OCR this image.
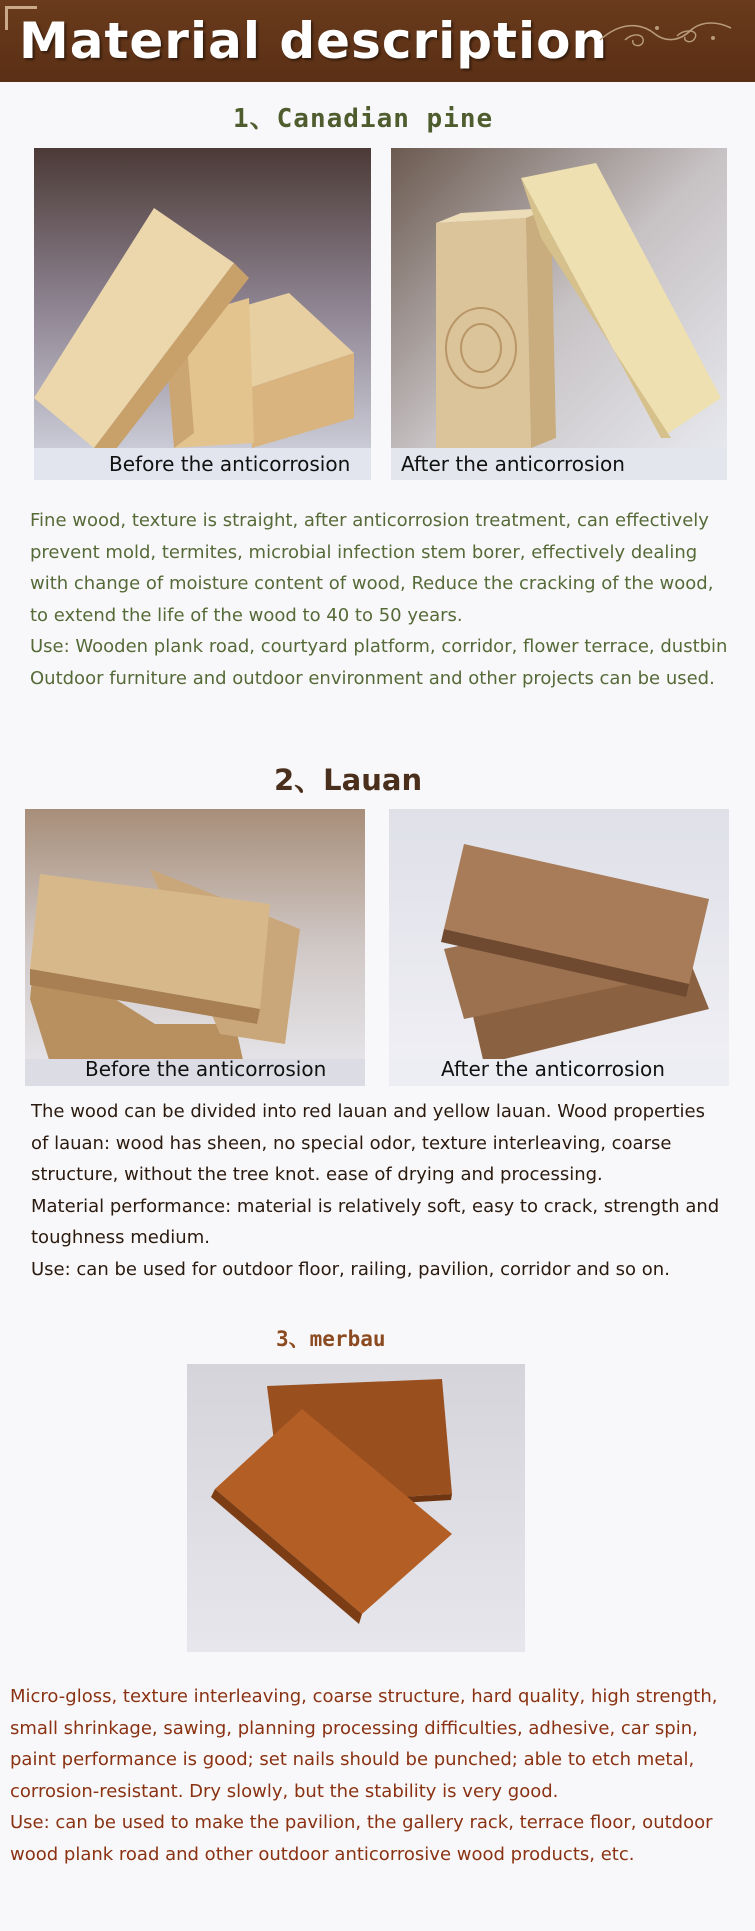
Material description
1、Canadian pine
Before the anticorrosion	After the anticorrosion
Fine wood, texture is straight, after anticorrosion treatment, can effectively
prevent mold, termites, microbial infection stem borer, effectively dealing
with change of moisture content of wood, Reduce the cracking of the wood,
to extend the life of the wood to 40 to 50 years.
Use: Wooden plank road, courtyard platform, corridor, flower terrace, dustbin
Outdoor furniture and outdoor environment and other projects can be used.
2、Lauan
Before the anticorrosion	After the anticorrosion
The wood can be divided into red lauan and yellow lauan. Wood properties
of lauan: wood has sheen, no special odor, texture interleaving, coarse
structure, without the tree knot. ease of drying and processing.
Material performance: material is relatively soft, easy to crack, strength and
toughness medium.
Use: can be used for outdoor floor, railing, pavilion, corridor and so on.
3、merbau
Micro-gloss, texture interleaving, coarse structure, hard quality, high strength,
small shrinkage, sawing, planning processing difficulties, adhesive, car spin,
paint performance is good; set nails should be punched; able to etch metal,
corrosion-resistant. Dry slowly, but the stability is very good.
Use: can be used to make the pavilion, the gallery rack, terrace floor, outdoor
wood plank road and other outdoor anticorrosive wood products, etc.
